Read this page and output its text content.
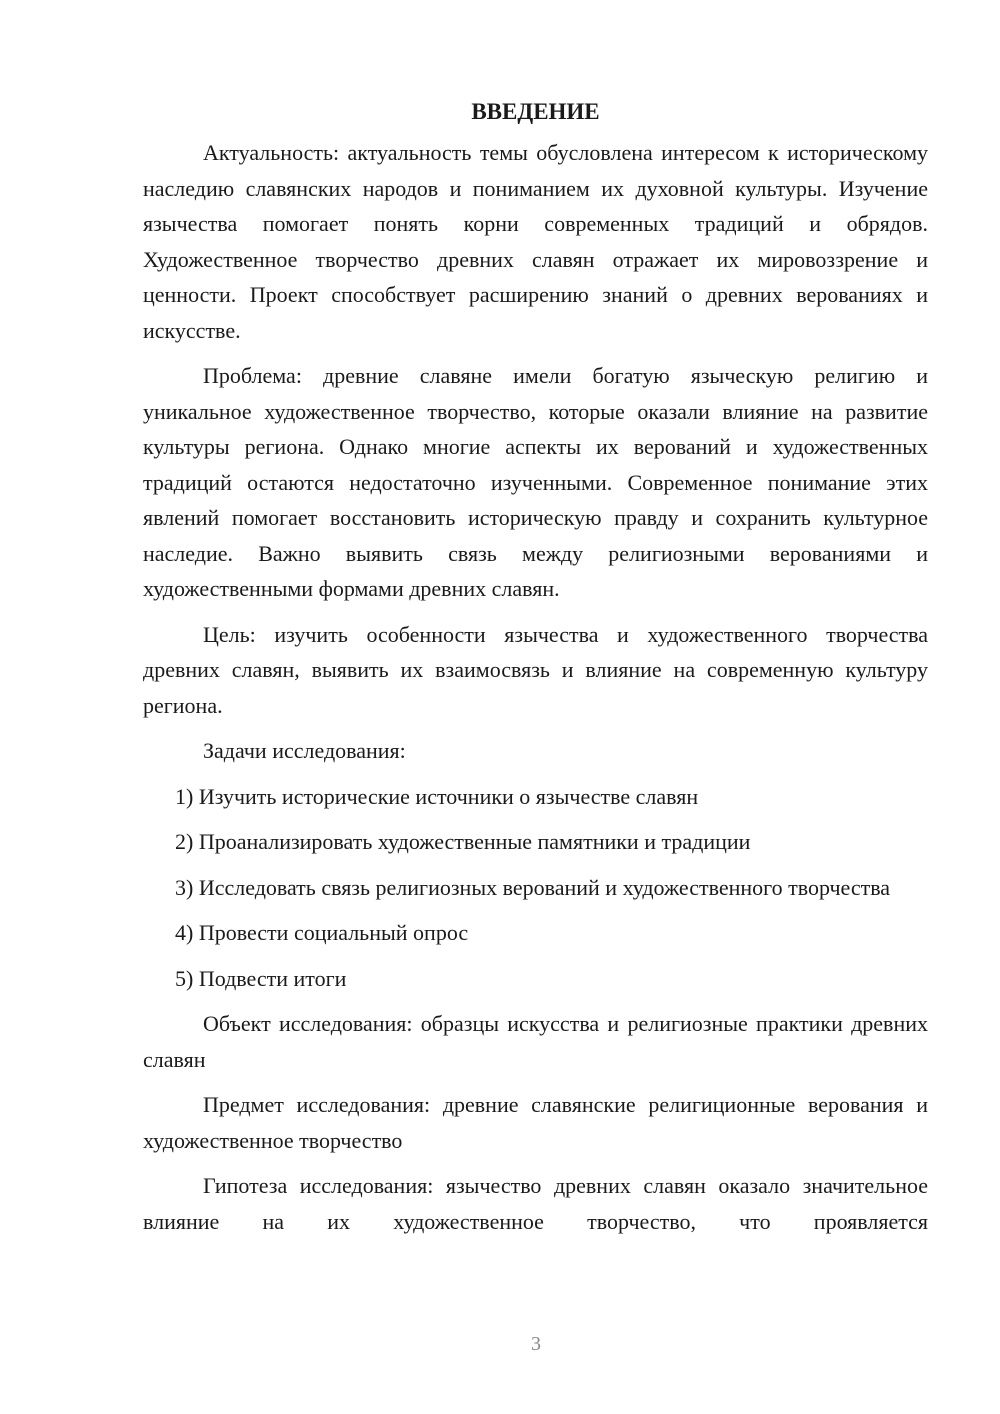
ВВЕДЕНИЕ

Актуальность: актуальность темы обусловлена интересом к историческому наследию славянских народов и пониманием их духовной культуры. Изучение язычества помогает понять корни современных традиций и обрядов. Художественное творчество древних славян отражает их мировоззрение и ценности. Проект способствует расширению знаний о древних верованиях и искусстве.

Проблема: древние славяне имели богатую языческую религию и уникальное художественное творчество, которые оказали влияние на развитие культуры региона. Однако многие аспекты их верований и художественных традиций остаются недостаточно изученными. Современное понимание этих явлений помогает восстановить историческую правду и сохранить культурное наследие. Важно выявить связь между религиозными верованиями и художественными формами древних славян.

Цель: изучить особенности язычества и художественного творчества древних славян, выявить их взаимосвязь и влияние на современную культуру региона.

Задачи исследования:

1) Изучить исторические источники о язычестве славян

2) Проанализировать художественные памятники и традиции

3) Исследовать связь религиозных верований и художественного творчества

4) Провести социальный опрос

5) Подвести итоги

Объект исследования: образцы искусства и религиозные практики древних славян

Предмет исследования: древние славянские религиционные верования и художественное творчество

Гипотеза исследования: язычество древних славян оказало значительное влияние на их художественное творчество, что проявляется

3
